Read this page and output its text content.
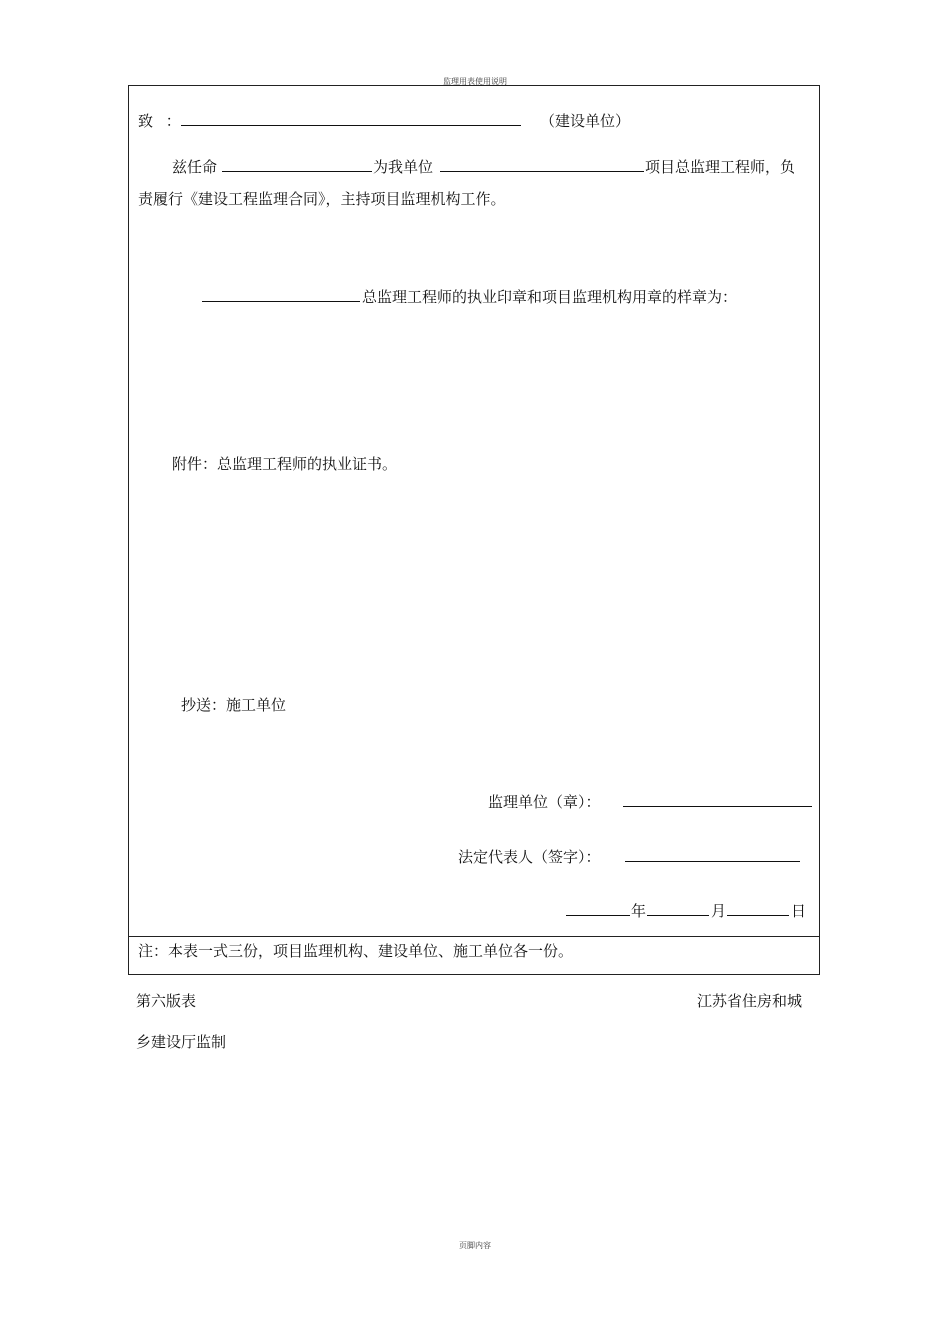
监理用表使用说明
致 ：	（建设单位）
兹任命	为我单位	项目总监理工程师，负
责履行《建设工程监理合同》，主持项目监理机构工作。
总监理工程师的执业印章和项目监理机构用章的样章为：
附件：总监理工程师的执业证书。
抄送：施工单位
监理单位（章）：
法定代表人（签字）：
年	月	日
注：本表一式三份，项目监理机构、建设单位、施工单位各一份。
第六版表	江苏省住房和城
乡建设厅监制
页脚内容
